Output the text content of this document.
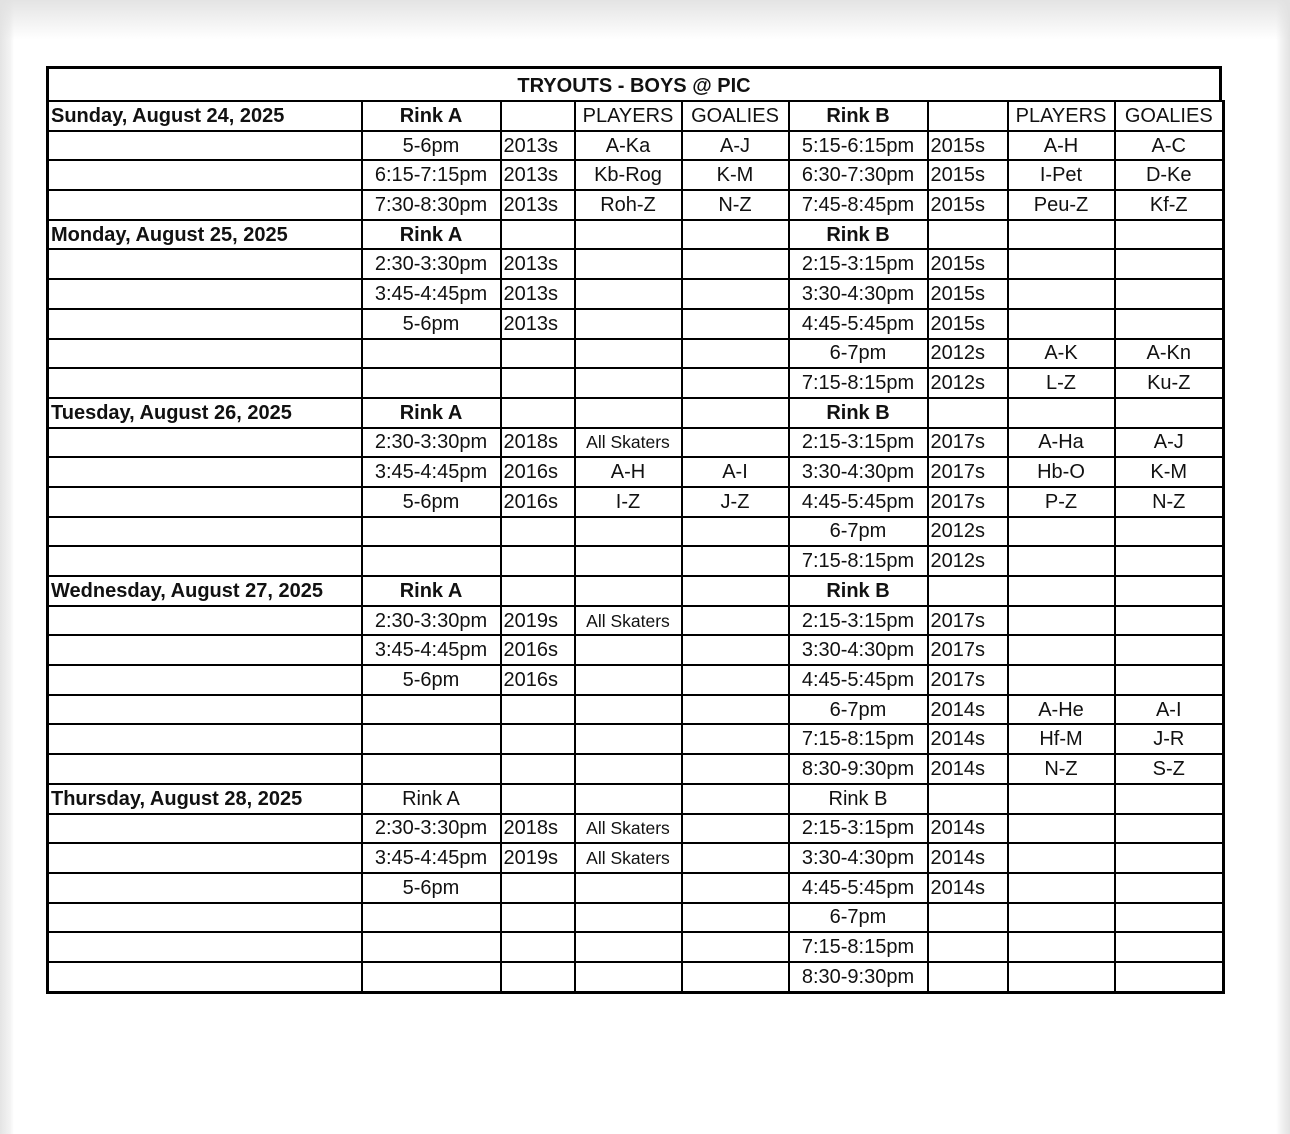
TRYOUTS - BOYS @ PIC
Sunday, August 24, 2025	Rink A		PLAYERS	GOALIES	Rink B		PLAYERS	GOALIES
	5-6pm	2013s	A-Ka	A-J	5:15-6:15pm	2015s	A-H	A-C
	6:15-7:15pm	2013s	Kb-Rog	K-M	6:30-7:30pm	2015s	I-Pet	D-Ke
	7:30-8:30pm	2013s	Roh-Z	N-Z	7:45-8:45pm	2015s	Peu-Z	Kf-Z
Monday, August 25, 2025	Rink A				Rink B			
	2:30-3:30pm	2013s			2:15-3:15pm	2015s		
	3:45-4:45pm	2013s			3:30-4:30pm	2015s		
	5-6pm	2013s			4:45-5:45pm	2015s		
					6-7pm	2012s	A-K	A-Kn
					7:15-8:15pm	2012s	L-Z	Ku-Z
Tuesday, August 26, 2025	Rink A				Rink B			
	2:30-3:30pm	2018s	All Skaters		2:15-3:15pm	2017s	A-Ha	A-J
	3:45-4:45pm	2016s	A-H	A-I	3:30-4:30pm	2017s	Hb-O	K-M
	5-6pm	2016s	I-Z	J-Z	4:45-5:45pm	2017s	P-Z	N-Z
					6-7pm	2012s		
					7:15-8:15pm	2012s		
Wednesday, August 27, 2025	Rink A				Rink B			
	2:30-3:30pm	2019s	All Skaters		2:15-3:15pm	2017s		
	3:45-4:45pm	2016s			3:30-4:30pm	2017s		
	5-6pm	2016s			4:45-5:45pm	2017s		
					6-7pm	2014s	A-He	A-I
					7:15-8:15pm	2014s	Hf-M	J-R
					8:30-9:30pm	2014s	N-Z	S-Z
Thursday, August 28, 2025	Rink A				Rink B			
	2:30-3:30pm	2018s	All Skaters		2:15-3:15pm	2014s		
	3:45-4:45pm	2019s	All Skaters		3:30-4:30pm	2014s		
	5-6pm				4:45-5:45pm	2014s		
					6-7pm			
					7:15-8:15pm			
					8:30-9:30pm			
